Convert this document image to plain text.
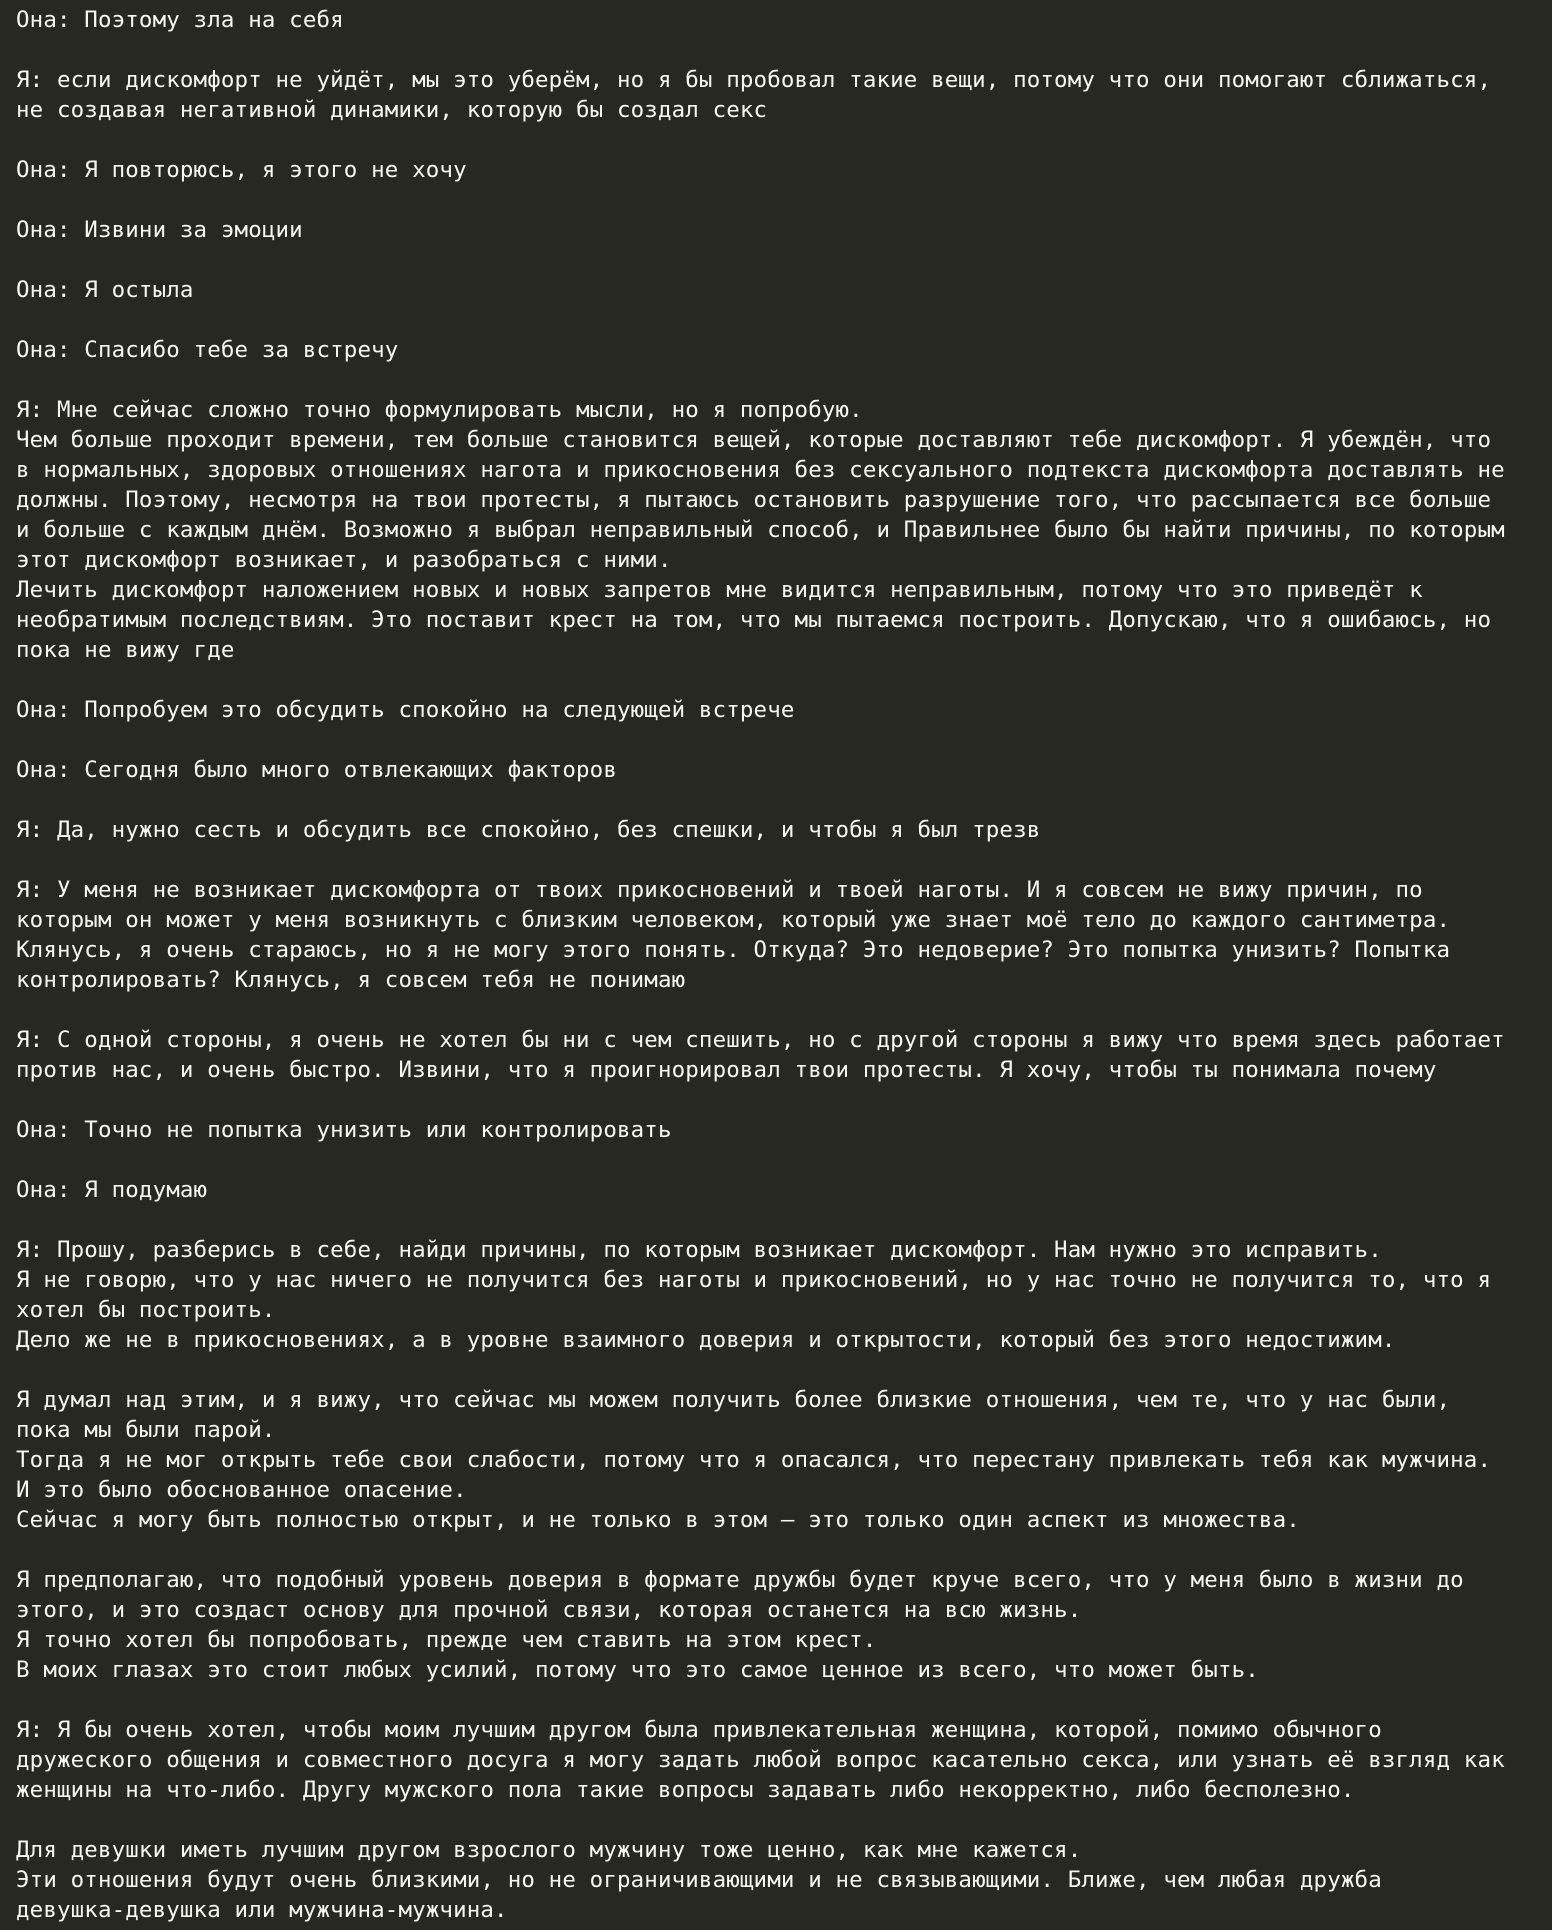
Она: Поэтому зла на себя
Я: если дискомфорт не уйдёт, мы это уберём, но я бы пробовал такие вещи, потому что они помогают сближаться,
не создавая негативной динамики, которую бы создал секс
Она: Я повторюсь, я этого не хочу
Она: Извини за эмоции
Она: Я остыла
Она: Спасибо тебе за встречу
Я: Мне сейчас сложно точно формулировать мысли, но я попробую.
Чем больше проходит времени, тем больше становится вещей, которые доставляют тебе дискомфорт. Я убеждён, что
в нормальных, здоровых отношениях нагота и прикосновения без сексуального подтекста дискомфорта доставлять не
должны. Поэтому, несмотря на твои протесты, я пытаюсь остановить разрушение того, что рассыпается все больше
и больше с каждым днём. Возможно я выбрал неправильный способ, и Правильнее было бы найти причины, по которым
этот дискомфорт возникает, и разобраться с ними.
Лечить дискомфорт наложением новых и новых запретов мне видится неправильным, потому что это приведёт к
необратимым последствиям. Это поставит крест на том, что мы пытаемся построить. Допускаю, что я ошибаюсь, но
пока не вижу где
Она: Попробуем это обсудить спокойно на следующей встрече
Она: Сегодня было много отвлекающих факторов
Я: Да, нужно сесть и обсудить все спокойно, без спешки, и чтобы я был трезв
Я: У меня не возникает дискомфорта от твоих прикосновений и твоей наготы. И я совсем не вижу причин, по
которым он может у меня возникнуть с близким человеком, который уже знает моё тело до каждого сантиметра.
Клянусь, я очень стараюсь, но я не могу этого понять. Откуда? Это недоверие? Это попытка унизить? Попытка
контролировать? Клянусь, я совсем тебя не понимаю
Я: С одной стороны, я очень не хотел бы ни с чем спешить, но с другой стороны я вижу что время здесь работает
против нас, и очень быстро. Извини, что я проигнорировал твои протесты. Я хочу, чтобы ты понимала почему
Она: Точно не попытка унизить или контролировать
Она: Я подумаю
Я: Прошу, разберись в себе, найди причины, по которым возникает дискомфорт. Нам нужно это исправить.
Я не говорю, что у нас ничего не получится без наготы и прикосновений, но у нас точно не получится то, что я
хотел бы построить.
Дело же не в прикосновениях, а в уровне взаимного доверия и открытости, который без этого недостижим.
Я думал над этим, и я вижу, что сейчас мы можем получить более близкие отношения, чем те, что у нас были,
пока мы были парой.
Тогда я не мог открыть тебе свои слабости, потому что я опасался, что перестану привлекать тебя как мужчина.
И это было обоснованное опасение.
Сейчас я могу быть полностью открыт, и не только в этом — это только один аспект из множества.
Я предполагаю, что подобный уровень доверия в формате дружбы будет круче всего, что у меня было в жизни до
этого, и это создаст основу для прочной связи, которая останется на всю жизнь.
Я точно хотел бы попробовать, прежде чем ставить на этом крест.
В моих глазах это стоит любых усилий, потому что это самое ценное из всего, что может быть.
Я: Я бы очень хотел, чтобы моим лучшим другом была привлекательная женщина, которой, помимо обычного
дружеского общения и совместного досуга я могу задать любой вопрос касательно секса, или узнать её взгляд как
женщины на что-либо. Другу мужского пола такие вопросы задавать либо некорректно, либо бесполезно.
Для девушки иметь лучшим другом взрослого мужчину тоже ценно, как мне кажется.
Эти отношения будут очень близкими, но не ограничивающими и не связывающими. Ближе, чем любая дружба
девушка-девушка или мужчина-мужчина.
